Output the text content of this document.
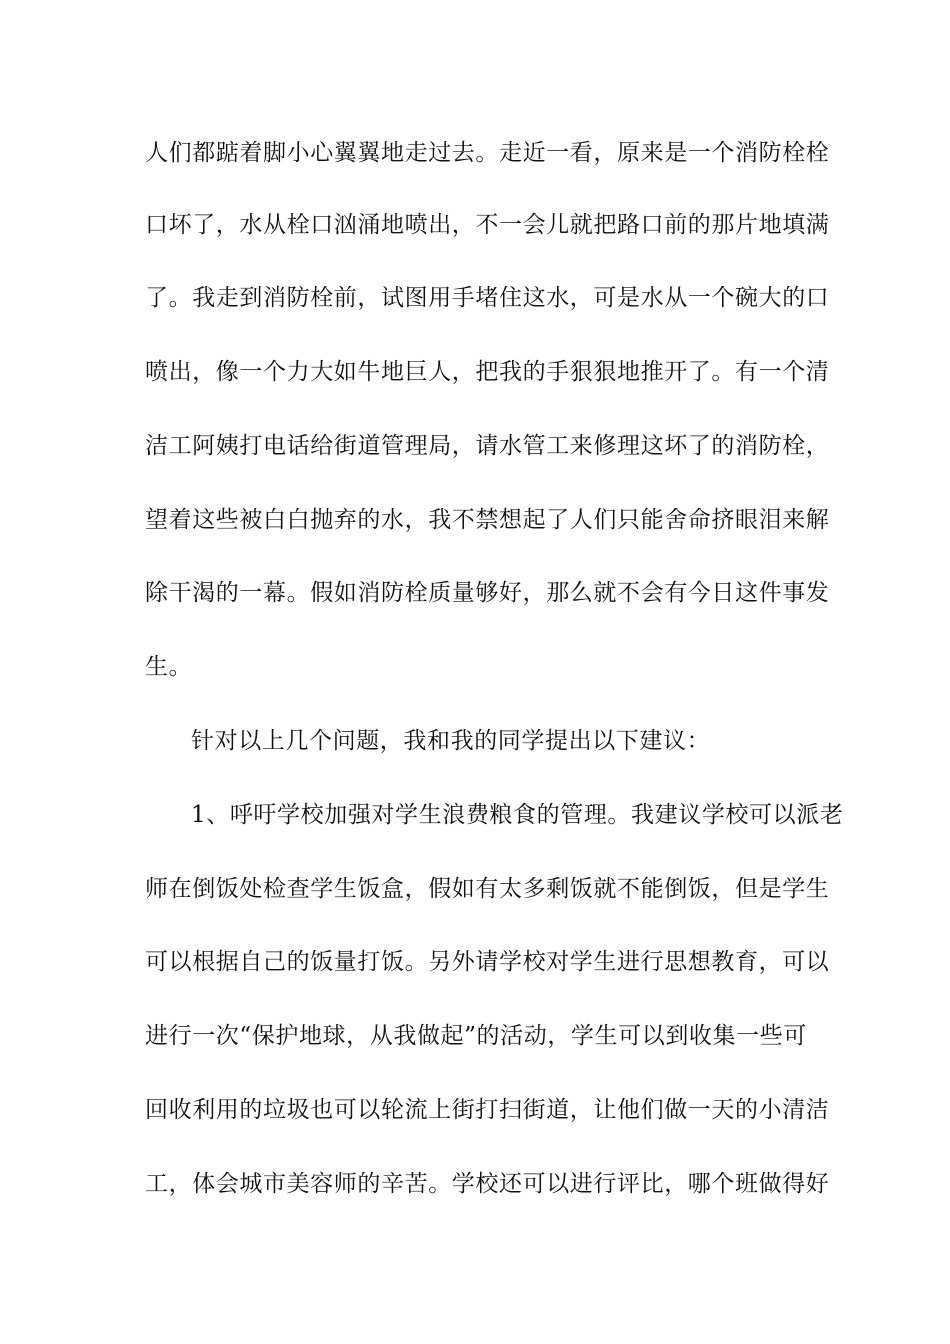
人们都踮着脚小心翼翼地走过去。走近一看，原来是一个消防栓栓
口坏了，水从栓口汹涌地喷出，不一会儿就把路口前的那片地填满
了。我走到消防栓前，试图用手堵住这水，可是水从一个碗大的口
喷出，像一个力大如牛地巨人，把我的手狠狠地推开了。有一个清
洁工阿姨打电话给街道管理局，请水管工来修理这坏了的消防栓，
望着这些被白白抛弃的水，我不禁想起了人们只能舍命挤眼泪来解
除干渴的一幕。假如消防栓质量够好，那么就不会有今日这件事发
生。
针对以上几个问题，我和我的同学提出以下建议：
1、呼吁学校加强对学生浪费粮食的管理。我建议学校可以派老
师在倒饭处检查学生饭盒，假如有太多剩饭就不能倒饭，但是学生
可以根据自己的饭量打饭。另外请学校对学生进行思想教育，可以
进行一次“保护地球，从我做起”的活动，学生可以到收集一些可
回收利用的垃圾也可以轮流上街打扫街道，让他们做一天的小清洁
工，体会城市美容师的辛苦。学校还可以进行评比，哪个班做得好
